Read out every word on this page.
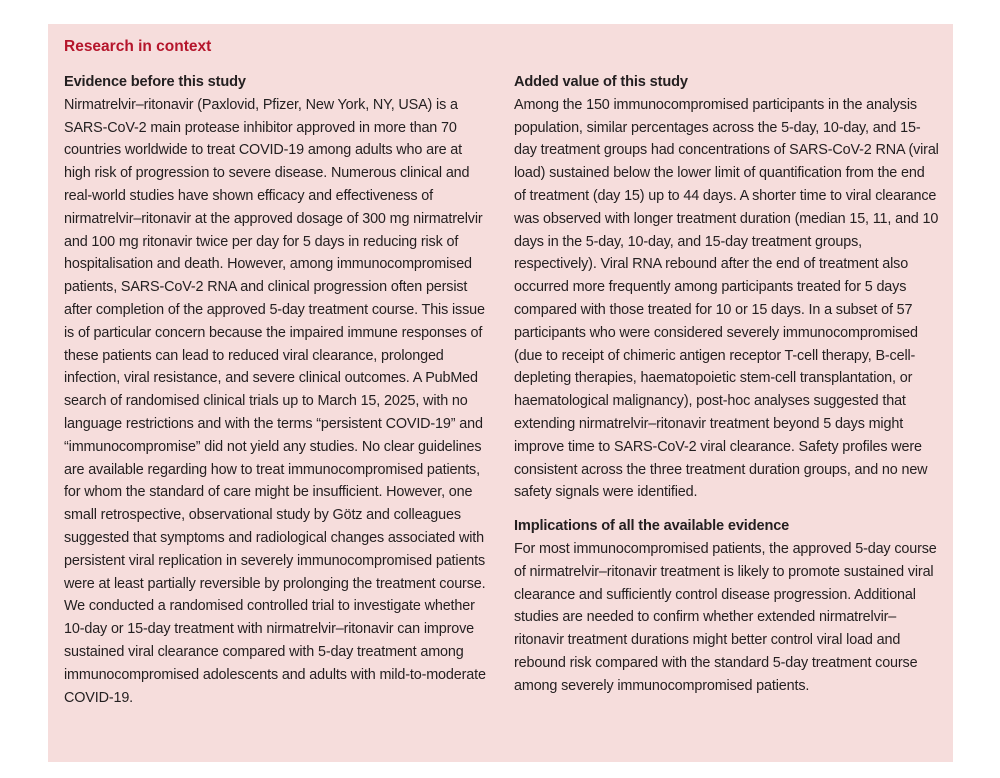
Research in context
Evidence before this study

Nirmatrelvir–ritonavir (Paxlovid, Pfizer, New York, NY, USA) is a SARS-CoV-2 main protease inhibitor approved in more than 70 countries worldwide to treat COVID-19 among adults who are at high risk of progression to severe disease. Numerous clinical and real-world studies have shown efficacy and effectiveness of nirmatrelvir–ritonavir at the approved dosage of 300 mg nirmatrelvir and 100 mg ritonavir twice per day for 5 days in reducing risk of hospitalisation and death. However, among immunocompromised patients, SARS-CoV-2 RNA and clinical progression often persist after completion of the approved 5-day treatment course. This issue is of particular concern because the impaired immune responses of these patients can lead to reduced viral clearance, prolonged infection, viral resistance, and severe clinical outcomes. A PubMed search of randomised clinical trials up to March 15, 2025, with no language restrictions and with the terms “persistent COVID-19” and “immunocompromise” did not yield any studies. No clear guidelines are available regarding how to treat immunocompromised patients, for whom the standard of care might be insufficient. However, one small retrospective, observational study by Götz and colleagues suggested that symptoms and radiological changes associated with persistent viral replication in severely immunocompromised patients were at least partially reversible by prolonging the treatment course. We conducted a randomised controlled trial to investigate whether 10-day or 15-day treatment with nirmatrelvir–ritonavir can improve sustained viral clearance compared with 5-day treatment among immunocompromised adolescents and adults with mild-to-moderate COVID-19.

Added value of this study

Among the 150 immunocompromised participants in the analysis population, similar percentages across the 5-day, 10-day, and 15-day treatment groups had concentrations of SARS-CoV-2 RNA (viral load) sustained below the lower limit of quantification from the end of treatment (day 15) up to 44 days. A shorter time to viral clearance was observed with longer treatment duration (median 15, 11, and 10 days in the 5-day, 10-day, and 15-day treatment groups, respectively). Viral RNA rebound after the end of treatment also occurred more frequently among participants treated for 5 days compared with those treated for 10 or 15 days. In a subset of 57 participants who were considered severely immunocompromised (due to receipt of chimeric antigen receptor T-cell therapy, B-cell-depleting therapies, haematopoietic stem-cell transplantation, or haematological malignancy), post-hoc analyses suggested that extending nirmatrelvir–ritonavir treatment beyond 5 days might improve time to SARS-CoV-2 viral clearance. Safety profiles were consistent across the three treatment duration groups, and no new safety signals were identified.

Implications of all the available evidence

For most immunocompromised patients, the approved 5-day course of nirmatrelvir–ritonavir treatment is likely to promote sustained viral clearance and sufficiently control disease progression. Additional studies are needed to confirm whether extended nirmatrelvir–ritonavir treatment durations might better control viral load and rebound risk compared with the standard 5-day treatment course among severely immunocompromised patients.
